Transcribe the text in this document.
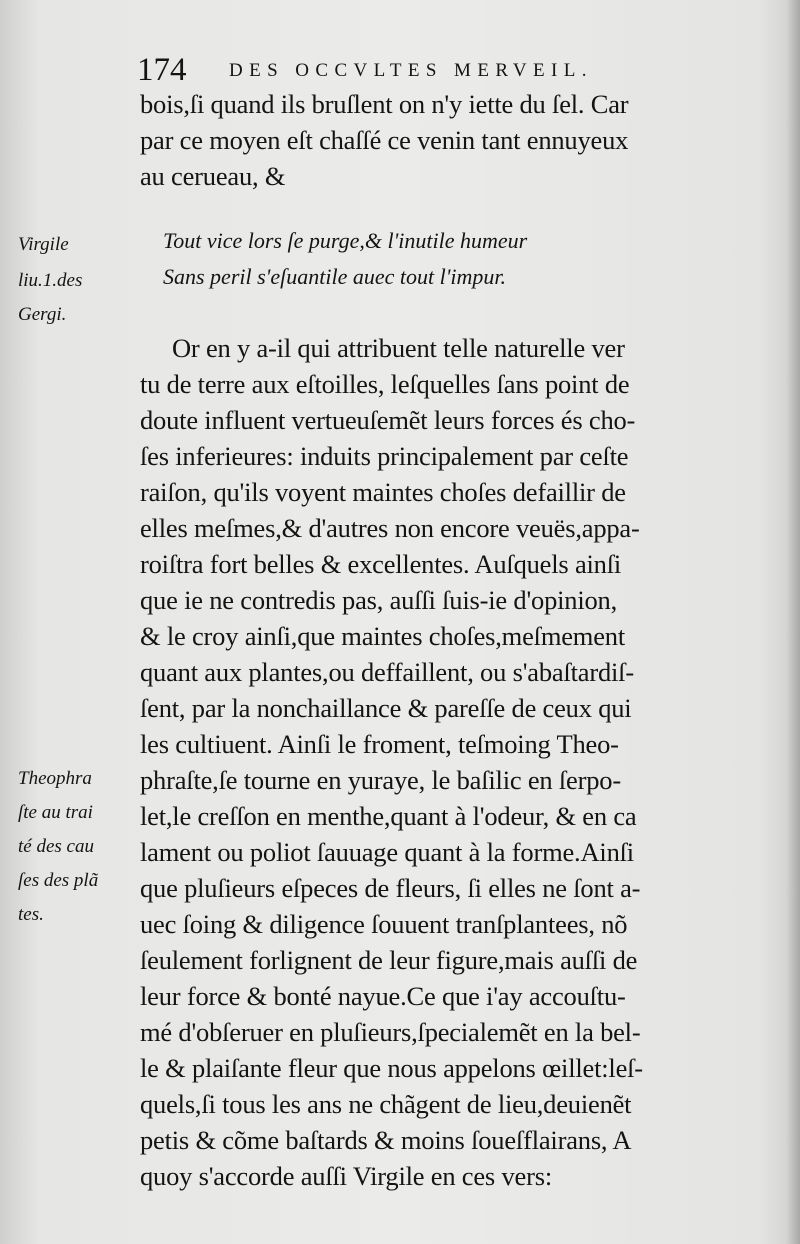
174 DES OCCVLTES MERVEIL.
bois,ſi quand ils bruſlent on n'y iette du ſel. Car
par ce moyen eſt chaſſé ce venin tant ennuyeux
au cerueau, &
Tout vice lors ſe purge,& l'inutile humeur
Sans peril s'eſuantile auec tout l'impur.
Virgile
liu.1.des
Gergi.
Or en y a-il qui attribuent telle naturelle ver
tu de terre aux eſtoilles, leſquelles ſans point de
doute influent vertueuſemẽt leurs forces és cho-
ſes inferieures: induits principalement par ceſte
raiſon, qu'ils voyent maintes choſes defaillir de
elles meſmes,& d'autres non encore veuës,appa-
roiſtra fort belles & excellentes. Auſquels ainſi
que ie ne contredis pas, auſſi ſuis-ie d'opinion,
& le croy ainſi,que maintes choſes,meſmement
quant aux plantes,ou deffaillent, ou s'abaſtardiſ-
ſent, par la nonchaillance & pareſſe de ceux qui
les cultiuent. Ainſi le froment, teſmoing Theo-
phraſte,ſe tourne en yuraye, le baſilic en ſerpo-
let,le creſſon en menthe,quant à l'odeur, & en ca
lament ou poliot ſauuage quant à la forme.Ainſi
que pluſieurs eſpeces de fleurs, ſi elles ne ſont a-
uec ſoing & diligence ſouuent tranſplantees, nõ
ſeulement forlignent de leur figure,mais auſſi de
leur force & bonté nayue.Ce que i'ay accouſtu-
mé d'obſeruer en pluſieurs,ſpecialemẽt en la bel-
le & plaiſante fleur que nous appelons œillet:leſ-
quels,ſi tous les ans ne chãgent de lieu,deuienẽt
petis & cõme baſtards & moins ſoueſflairans, A
quoy s'accorde auſſi Virgile en ces vers:
Theophra
ſte au trai
té des cau
ſes des plã
tes.
